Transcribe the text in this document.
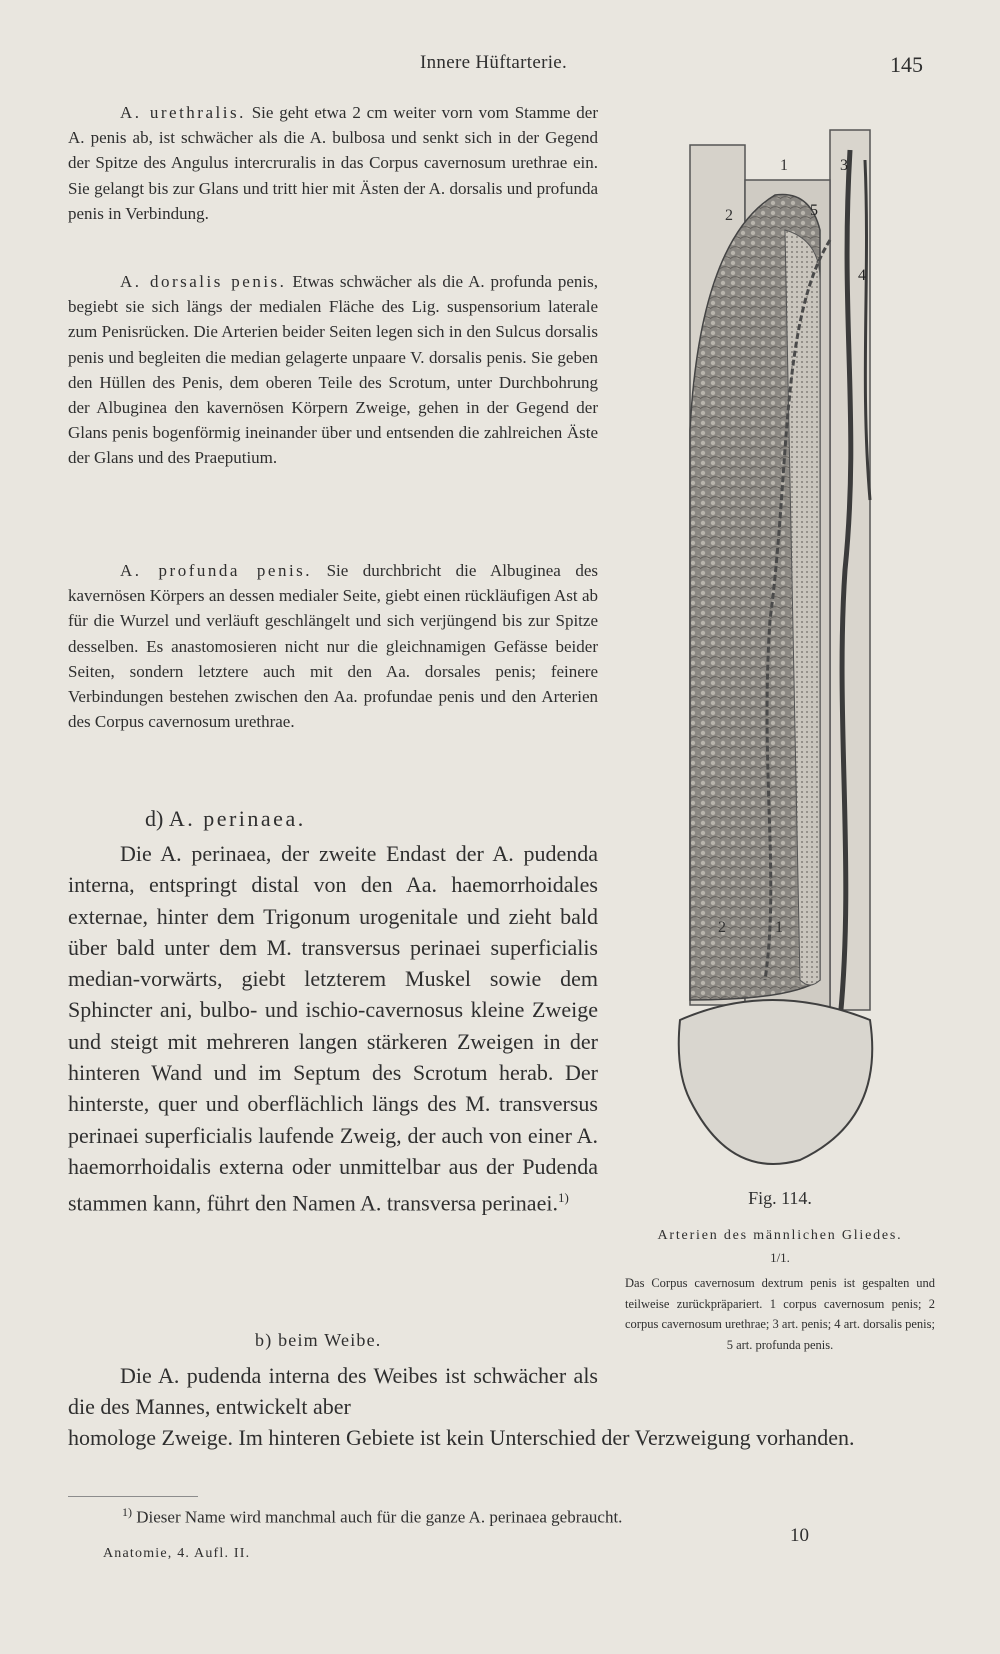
Innere Hüftarterie.	145

A. urethralis. Sie geht etwa 2 cm weiter vorn vom Stamme der A. penis ab, ist schwächer als die A. bulbosa und senkt sich in der Gegend der Spitze des Angulus intercruralis in das Corpus cavernosum urethrae ein. Sie gelangt bis zur Glans und tritt hier mit Ästen der A. dorsalis und profunda penis in Verbindung.

A. dorsalis penis. Etwas schwächer als die A. profunda penis, begiebt sie sich längs der medialen Fläche des Lig. suspensorium laterale zum Penisrücken. Die Arterien beider Seiten legen sich in den Sulcus dorsalis penis und begleiten die median gelagerte unpaare V. dorsalis penis. Sie geben den Hüllen des Penis, dem oberen Teile des Scrotum, unter Durchbohrung der Albuginea den kavernösen Körpern Zweige, gehen in der Gegend der Glans penis bogenförmig ineinander über und entsenden die zahlreichen Äste der Glans und des Praeputium.

A. profunda penis. Sie durchbricht die Albuginea des kavernösen Körpers an dessen medialer Seite, giebt einen rückläufigen Ast ab für die Wurzel und verläuft geschlängelt und sich verjüngend bis zur Spitze desselben. Es anastomosieren nicht nur die gleichnamigen Gefässe beider Seiten, sondern letztere auch mit den Aa. dorsales penis; feinere Verbindungen bestehen zwischen den Aa. profundae penis und den Arterien des Corpus cavernosum urethrae.

d) A. perinaea.

Die A. perinaea, der zweite Endast der A. pudenda interna, entspringt distal von den Aa. haemorrhoidales externae, hinter dem Trigonum urogenitale und zieht bald über bald unter dem M. transversus perinaei superficialis median-vorwärts, giebt letzterem Muskel sowie dem Sphincter ani, bulbo- und ischio-cavernosus kleine Zweige und steigt mit mehreren langen stärkeren Zweigen in der hinteren Wand und im Septum des Scrotum herab. Der hinterste, quer und oberflächlich längs des M. transversus perinaei superficialis laufende Zweig, der auch von einer A. haemorrhoidalis externa oder unmittelbar aus der Pudenda stammen kann, führt den Namen A. transversa perinaei.$^{1)}$

b) beim Weibe.

Die A. pudenda interna des Weibes ist schwächer als die des Mannes, entwickelt aber

homologe Zweige. Im hinteren Gebiete ist kein Unterschied der Verzweigung vorhanden.
1
2
3
4
5
2	1
Fig. 114.
Arterien des männlichen Gliedes.
1/1.
Das Corpus cavernosum dextrum penis ist gespalten und teilweise zurückpräpariert. 1 corpus cavernosum penis; 2 corpus cavernosum urethrae; 3 art. penis; 4 art. dorsalis penis; 5 art. profunda penis.
$^{1)}$ Dieser Name wird manchmal auch für die ganze A. perinaea gebraucht.
10
Anatomie, 4. Aufl. II.
